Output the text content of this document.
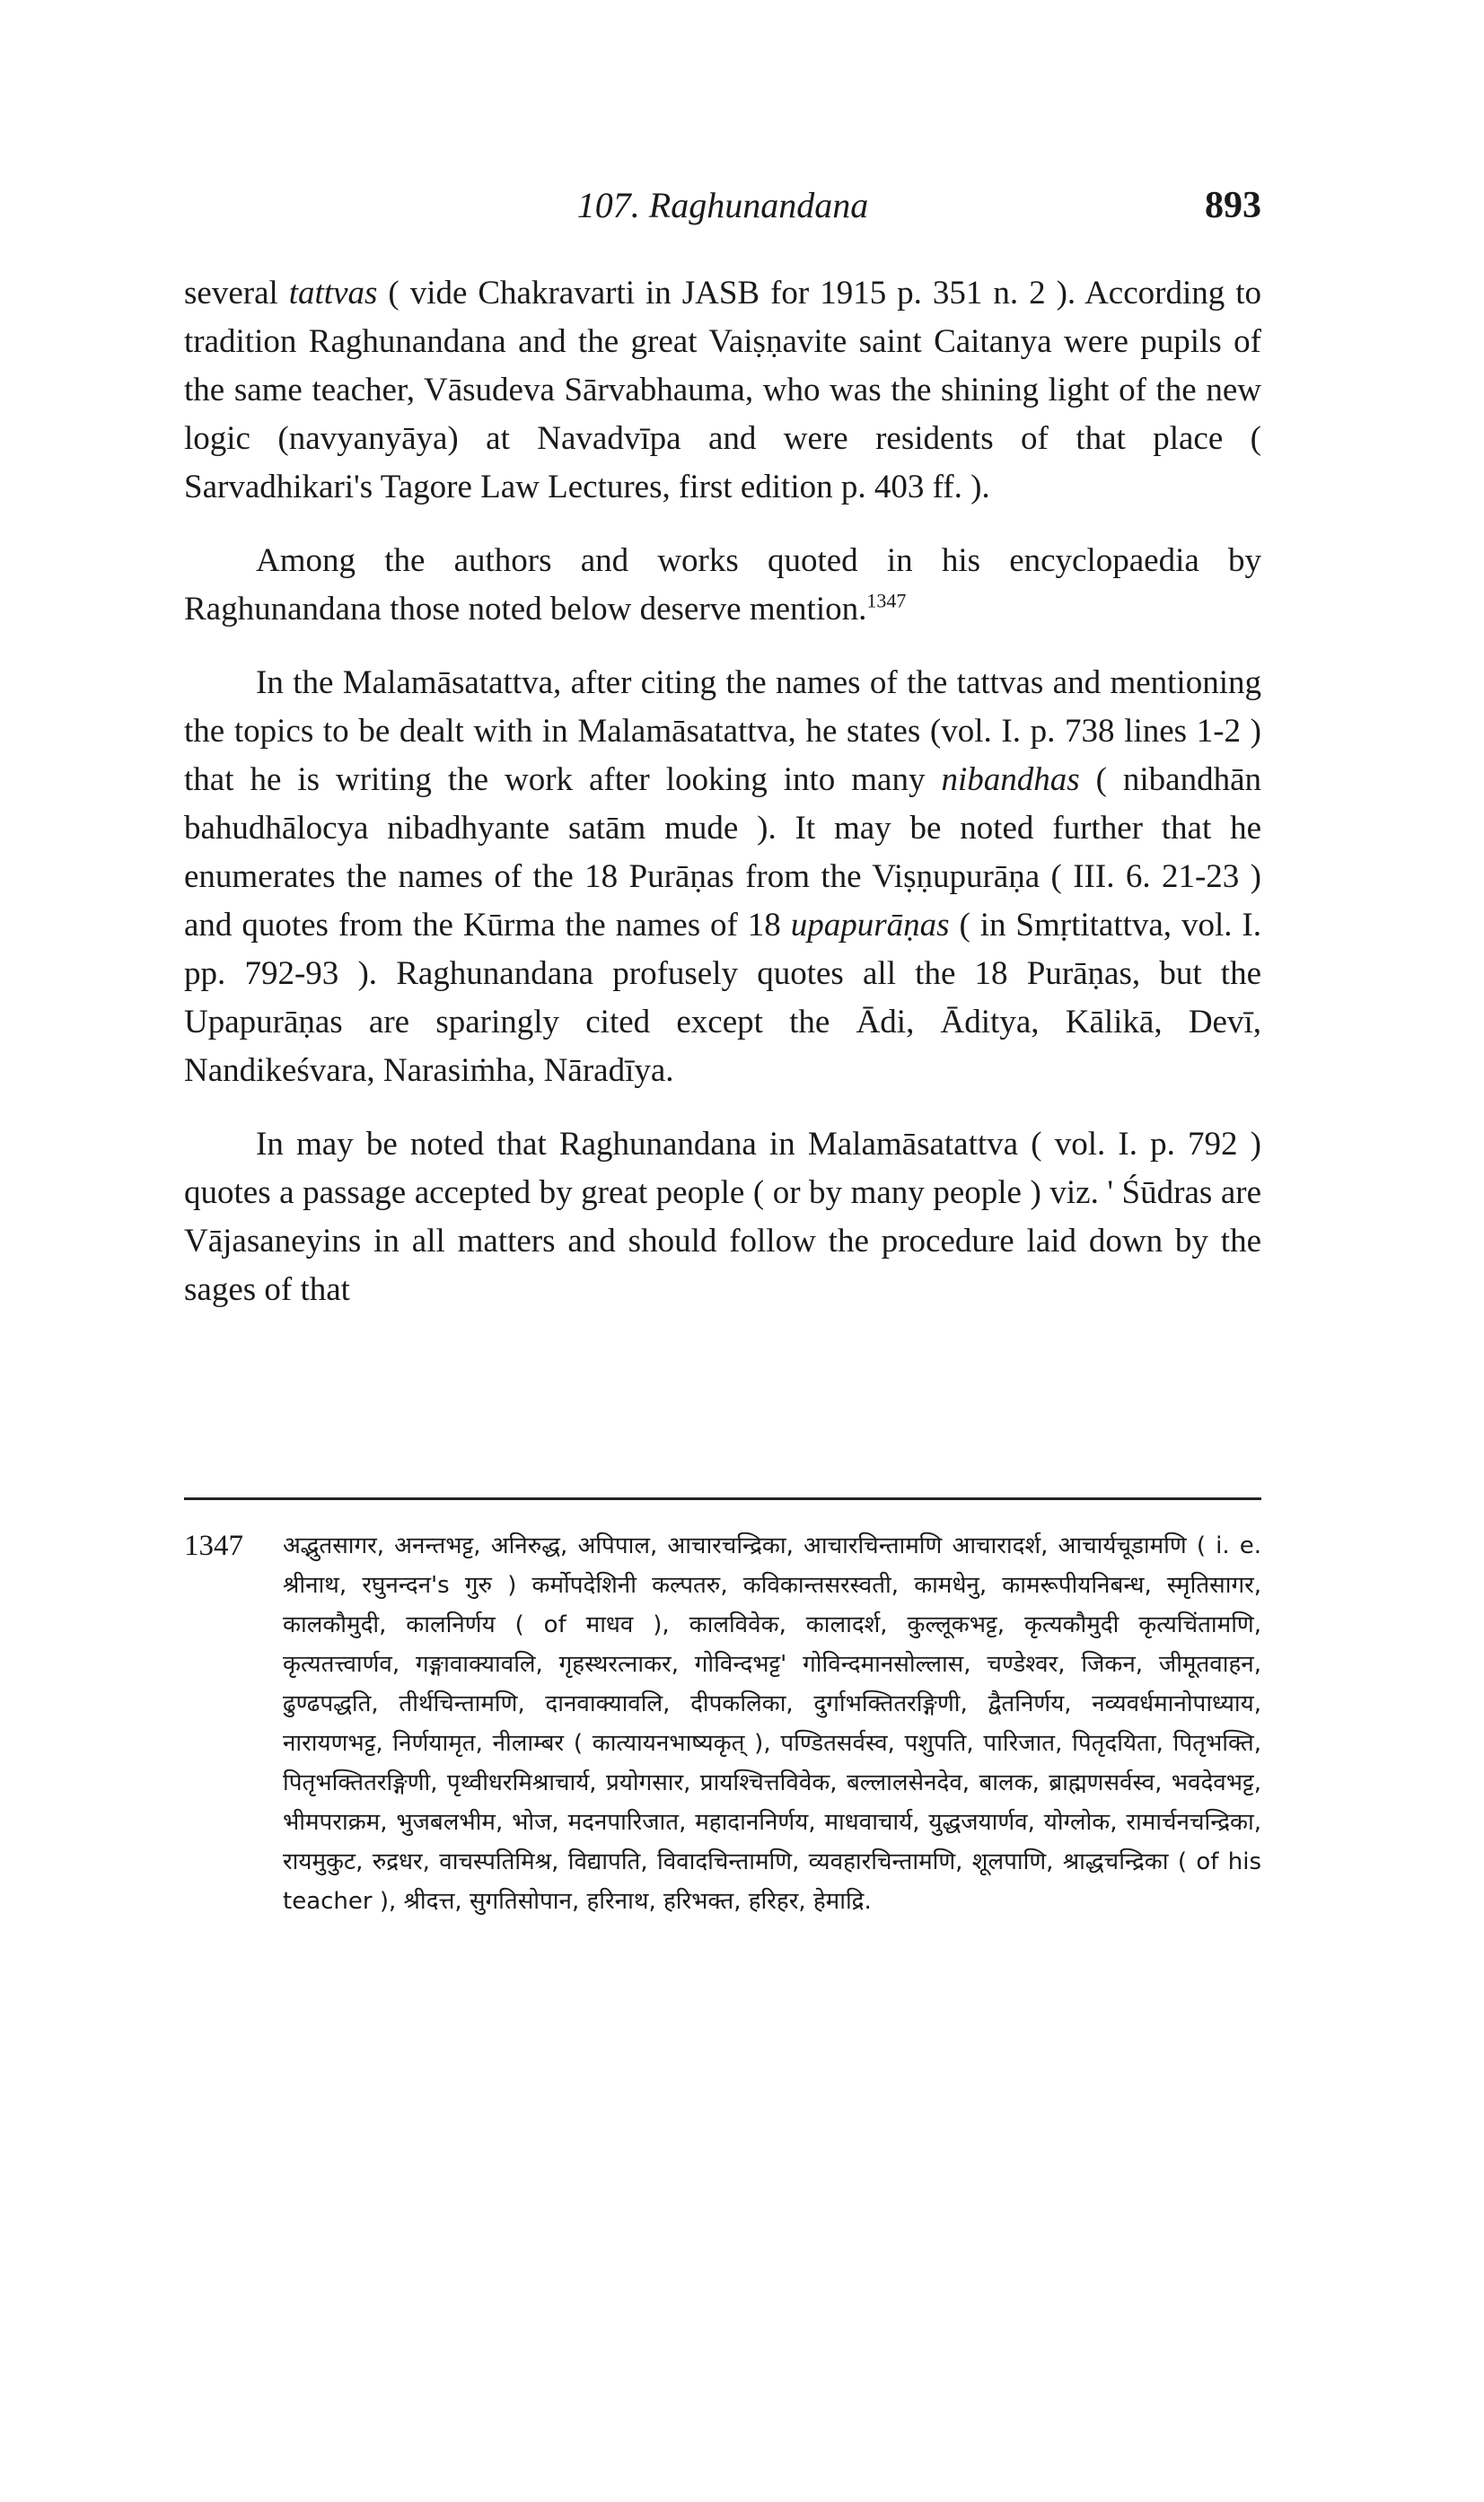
107. Raghunandana	893

several tattvas ( vide Chakravarti in JASB for 1915 p. 351 n. 2 ). According to tradition Raghunandana and the great Vaiṣṇavite saint Caitanya were pupils of the same teacher, Vāsudeva Sārvabhauma, who was the shining light of the new logic (navyanyāya) at Navadvīpa and were residents of that place ( Sarvadhikari's Tagore Law Lectures, first edition p. 403 ff. ).

Among the authors and works quoted in his encyclopaedia by Raghunandana those noted below deserve mention.$^{1347}$

In the Malamāsatattva, after citing the names of the tattvas and mentioning the topics to be dealt with in Malamāsatattva, he states (vol. I. p. 738 lines 1-2 ) that he is writing the work after looking into many nibandhas ( nibandhān bahudhālocya nibadhyante satām mude ). It may be noted further that he enumerates the names of the 18 Purāṇas from the Viṣṇupurāṇa ( III. 6. 21-23 ) and quotes from the Kūrma the names of 18 upapurāṇas ( in Smṛtitattva, vol. I. pp. 792-93 ). Raghunandana profusely quotes all the 18 Purāṇas, but the Upapurāṇas are sparingly cited except the Ādi, Āditya, Kālikā, Devī, Nandikeśvara, Narasiṁha, Nāradīya.

In may be noted that Raghunandana in Malamāsatattva ( vol. I. p. 792 ) quotes a passage accepted by great people ( or by many people ) viz. ' Śūdras are Vājasaneyins in all matters and should follow the procedure laid down by the sages of that

1347 अद्भुतसागर, अनन्तभट्ट, अनिरुद्ध, अपिपाल, आचारचन्द्रिका, आचारचिन्तामणि आचारादर्श, आचार्यचूडामणि ( i. e. श्रीनाथ, रघुनन्दन's गुरु ) कर्मोपदेशिनी कल्पतरु, कविकान्तसरस्वती, कामधेनु, कामरूपीयनिबन्ध, स्मृतिसागर, कालकौमुदी, कालनिर्णय ( of माधव ), कालविवेक, कालादर्श, कुल्लूकभट्ट, कृत्यकौमुदी कृत्यचिंतामणि, कृत्यतत्त्वार्णव, गङ्गावाक्यावलि, गृहस्थरत्नाकर, गोविन्दभट्ट' गोविन्दमानसोल्लास, चण्डेश्वर, जिकन, जीमूतवाहन, ढुण्ढपद्धति, तीर्थचिन्तामणि, दानवाक्यावलि, दीपकलिका, दुर्गाभक्तितरङ्गिणी, द्वैतनिर्णय, नव्यवर्धमानोपाध्याय, नारायणभट्ट, निर्णयामृत, नीलाम्बर ( कात्यायनभाष्यकृत् ), पण्डितसर्वस्व, पशुपति, पारिजात, पितृदयिता, पितृभक्ति, पितृभक्तितरङ्गिणी, पृथ्वीधरमिश्राचार्य, प्रयोगसार, प्रायश्चित्तविवेक, बल्लालसेनदेव, बालक, ब्राह्मणसर्वस्व, भवदेवभट्ट, भीमपराक्रम, भुजबलभीम, भोज, मदनपारिजात, महादाननिर्णय, माधवाचार्य, युद्धजयार्णव, योग्लोक, रामार्चनचन्द्रिका, रायमुकुट, रुद्रधर, वाचस्पतिमिश्र, विद्यापति, विवादचिन्तामणि, व्यवहारचिन्तामणि, शूलपाणि, श्राद्धचन्द्रिका ( of his teacher ), श्रीदत्त, सुगतिसोपान, हरिनाथ, हरिभक्त, हरिहर, हेमाद्रि.
